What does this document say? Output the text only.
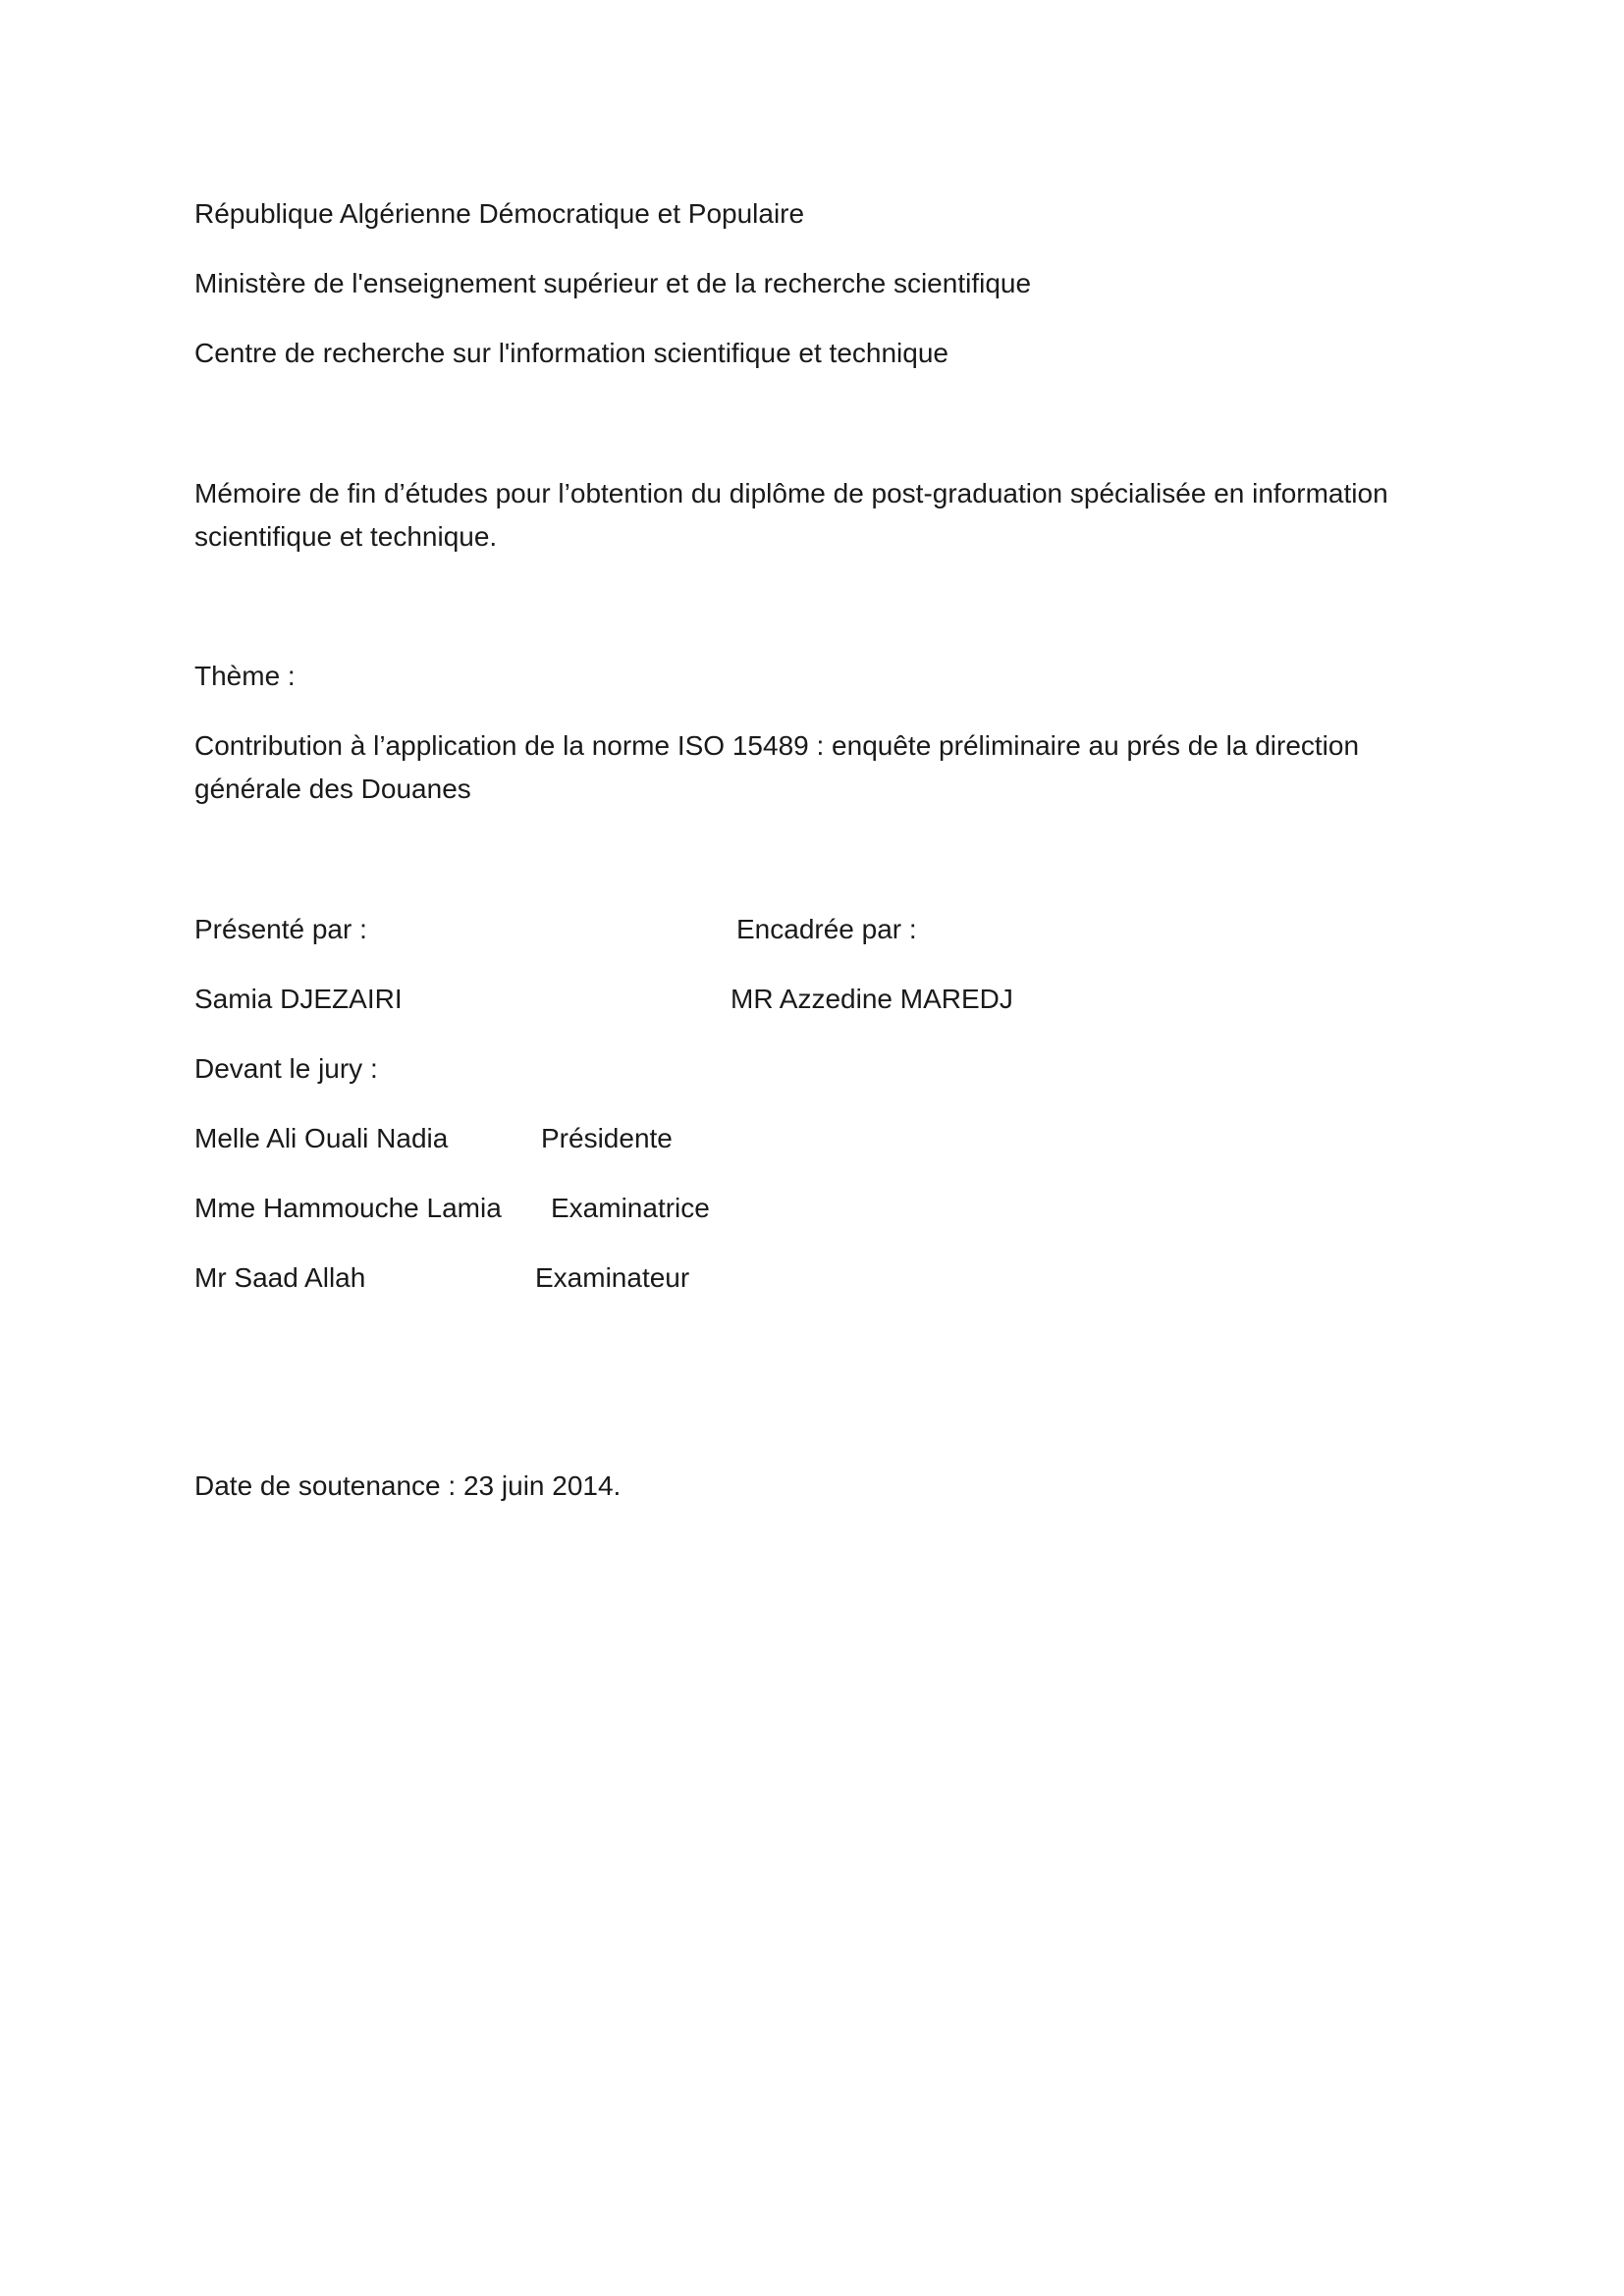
République Algérienne Démocratique et Populaire
Ministère de l'enseignement supérieur et de la recherche scientifique
Centre de recherche sur l'information scientifique et technique
Mémoire de fin d’études pour l’obtention du diplôme de post-graduation spécialisée en information
scientifique et technique.
Thème :
Contribution à l’application de la norme ISO 15489 : enquête préliminaire au prés de la direction
générale des Douanes
Présenté par :	Encadrée par :
Samia DJEZAIRI	MR Azzedine MAREDJ
Devant le jury :
Melle Ali Ouali Nadia	Présidente
Mme Hammouche Lamia Examinatrice
Mr Saad Allah	Examinateur
Date de soutenance : 23 juin 2014.
